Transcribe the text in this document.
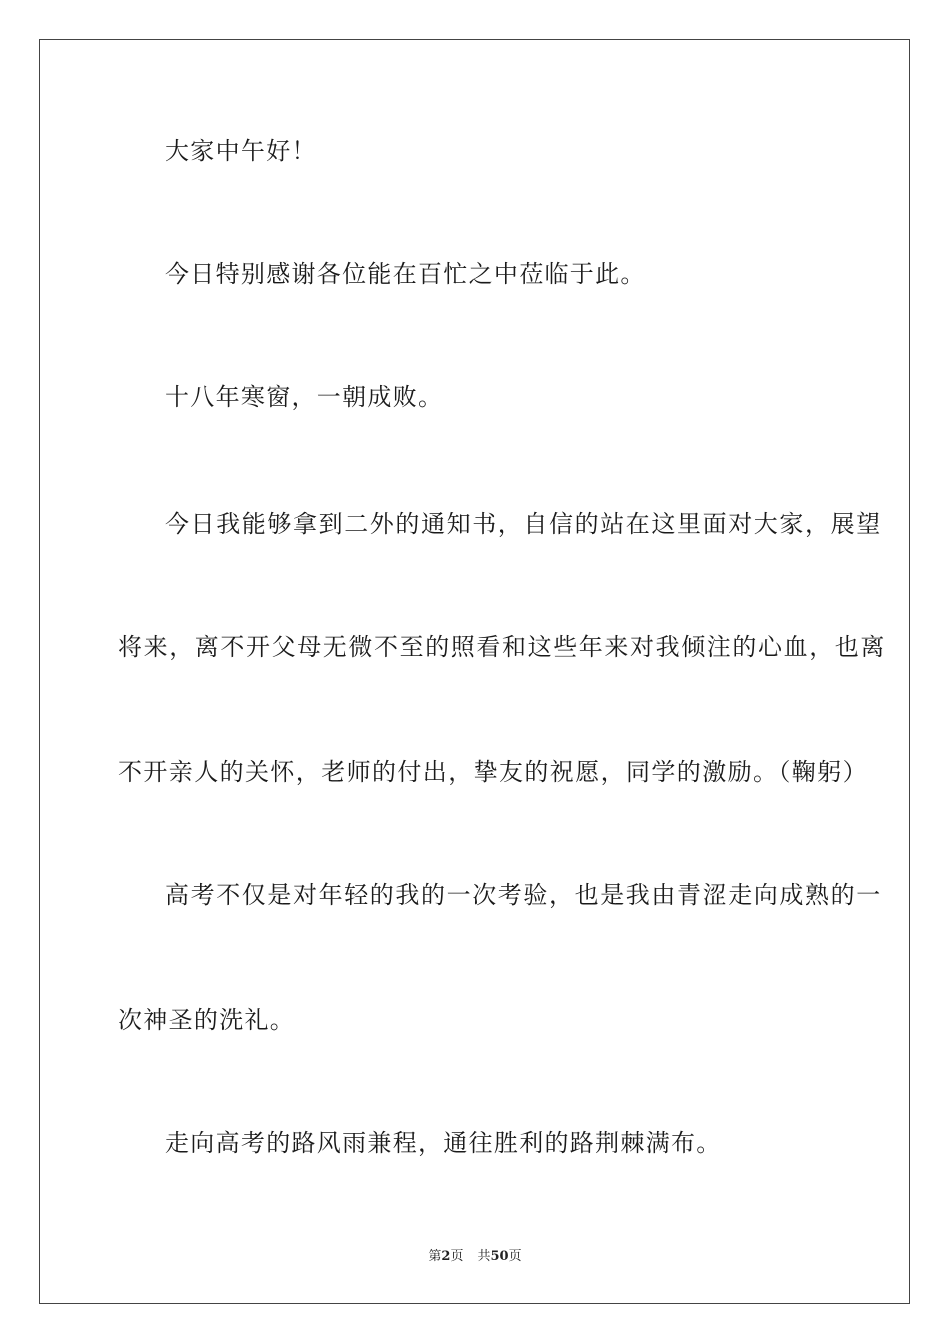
大家中午好！

今日特别感谢各位能在百忙之中莅临于此。

十八年寒窗，一朝成败。

今日我能够拿到二外的通知书，自信的站在这里面对大家，展望

将来，离不开父母无微不至的照看和这些年来对我倾注的心血，也离

不开亲人的关怀，老师的付出，挚友的祝愿，同学的激励。（鞠躬）

高考不仅是对年轻的我的一次考验，也是我由青涩走向成熟的一

次神圣的洗礼。

走向高考的路风雨兼程，通往胜利的路荆棘满布。

第2页 共50页
